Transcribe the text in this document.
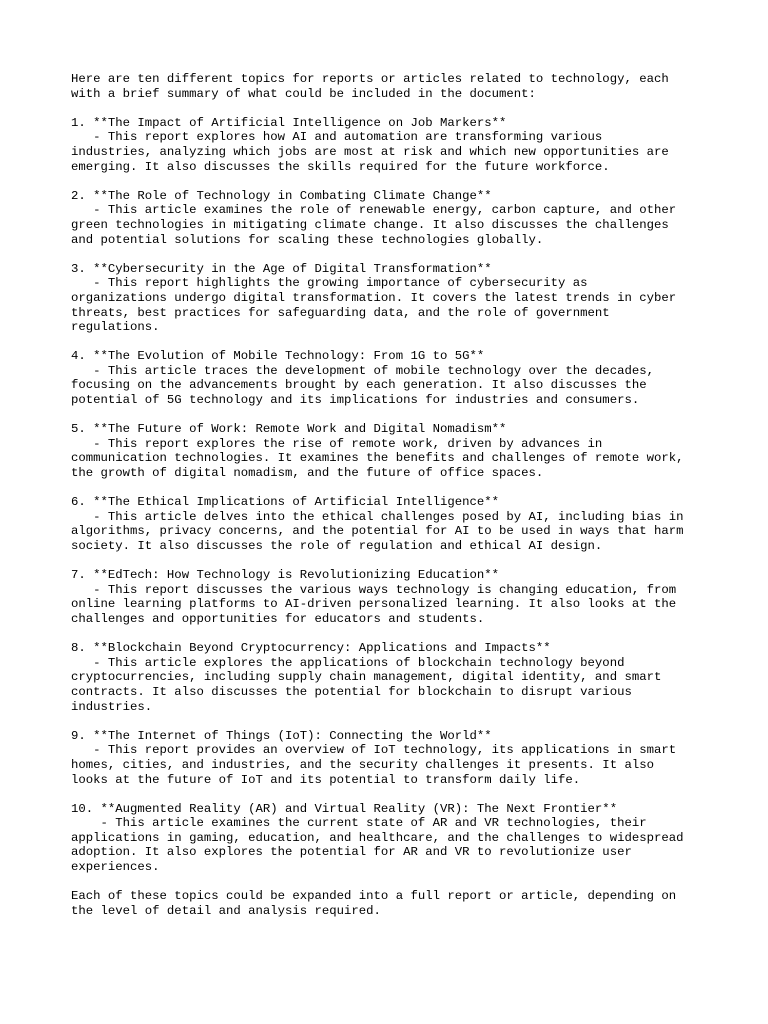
Here are ten different topics for reports or articles related to technology, each
with a brief summary of what could be included in the document:
1. **The Impact of Artificial Intelligence on Job Markers**
- This report explores how AI and automation are transforming various
industries, analyzing which jobs are most at risk and which new opportunities are
emerging. It also discusses the skills required for the future workforce.
2. **The Role of Technology in Combating Climate Change**
- This article examines the role of renewable energy, carbon capture, and other
green technologies in mitigating climate change. It also discusses the challenges
and potential solutions for scaling these technologies globally.
3. **Cybersecurity in the Age of Digital Transformation**
- This report highlights the growing importance of cybersecurity as
organizations undergo digital transformation. It covers the latest trends in cyber
threats, best practices for safeguarding data, and the role of government
regulations.
4. **The Evolution of Mobile Technology: From 1G to 5G**
- This article traces the development of mobile technology over the decades,
focusing on the advancements brought by each generation. It also discusses the
potential of 5G technology and its implications for industries and consumers.
5. **The Future of Work: Remote Work and Digital Nomadism**
- This report explores the rise of remote work, driven by advances in
communication technologies. It examines the benefits and challenges of remote work,
the growth of digital nomadism, and the future of office spaces.
6. **The Ethical Implications of Artificial Intelligence**
- This article delves into the ethical challenges posed by AI, including bias in
algorithms, privacy concerns, and the potential for AI to be used in ways that harm
society. It also discusses the role of regulation and ethical AI design.
7. **EdTech: How Technology is Revolutionizing Education**
- This report discusses the various ways technology is changing education, from
online learning platforms to AI-driven personalized learning. It also looks at the
challenges and opportunities for educators and students.
8. **Blockchain Beyond Cryptocurrency: Applications and Impacts**
- This article explores the applications of blockchain technology beyond
cryptocurrencies, including supply chain management, digital identity, and smart
contracts. It also discusses the potential for blockchain to disrupt various
industries.
9. **The Internet of Things (IoT): Connecting the World**
- This report provides an overview of IoT technology, its applications in smart
homes, cities, and industries, and the security challenges it presents. It also
looks at the future of IoT and its potential to transform daily life.
10. **Augmented Reality (AR) and Virtual Reality (VR): The Next Frontier**
- This article examines the current state of AR and VR technologies, their
applications in gaming, education, and healthcare, and the challenges to widespread
adoption. It also explores the potential for AR and VR to revolutionize user
experiences.
Each of these topics could be expanded into a full report or article, depending on
the level of detail and analysis required.
